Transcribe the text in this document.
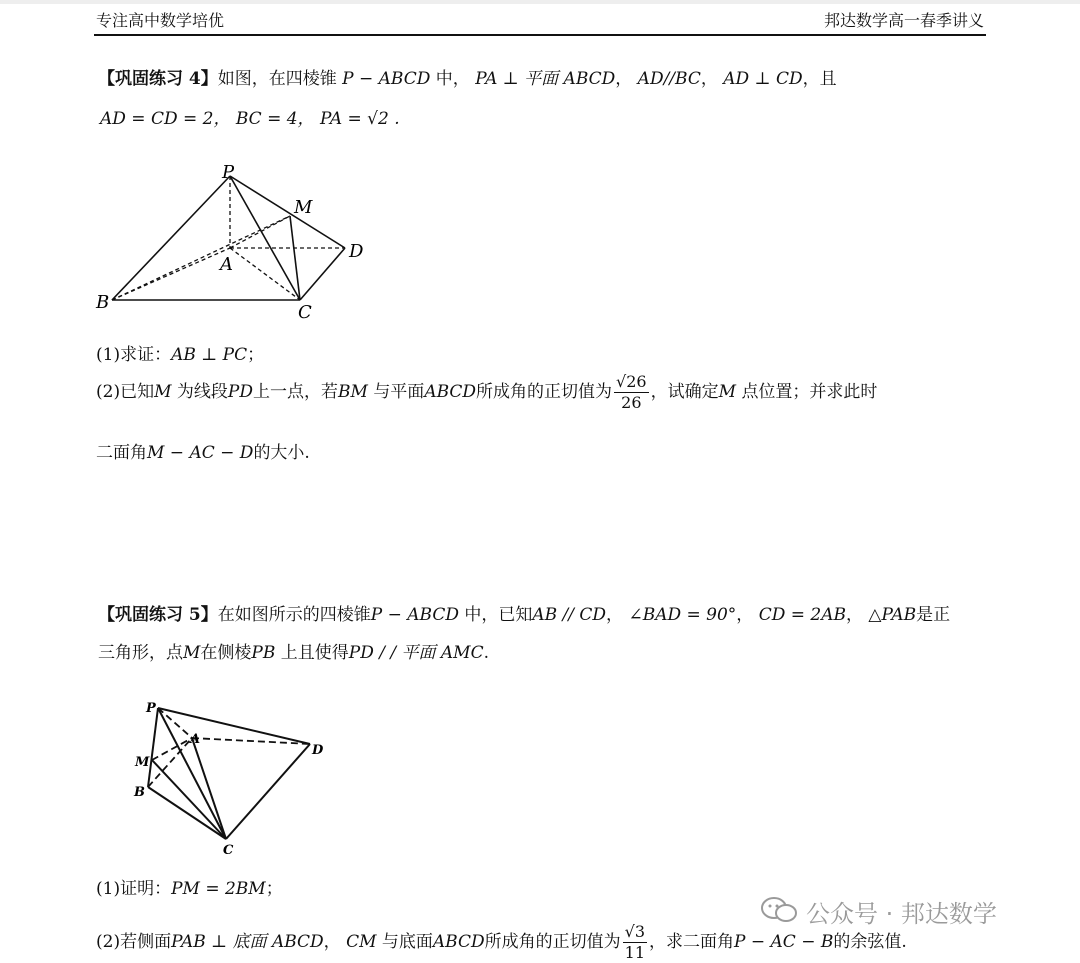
专注高中数学培优	邦达数学高一春季讲义
【巩固练习 4】如图，在四棱锥 P − ABCD 中， PA ⊥ 平面 ABCD， AD//BC， AD ⊥ CD，且
AD = CD = 2， BC = 4， PA = √2 .
P
M
A
D
B	C
(1)求证：AB ⊥ PC；
(2)已知M 为线段PD上一点，若BM 与平面ABCD所成角的正切值为 $\frac{√26}{26}$ ，试确定M 点位置；并求此时
二面角M − AC − D的大小.
【巩固练习 5】在如图所示的四棱锥P − ABCD 中，已知AB // CD， ∠BAD = 90°， CD = 2AB， △PAB是正
三角形，点M在侧棱PB 上且使得PD / / 平面 AMC.
P
A
D
M
B
C
(1)证明：PM = 2BM；
(2)若侧面PAB ⊥ 底面 ABCD， CM 与底面ABCD所成角的正切值为 $\frac{√3}{11}$ ，求二面角P − AC − B的余弦值.
公众号 · 邦达数学
